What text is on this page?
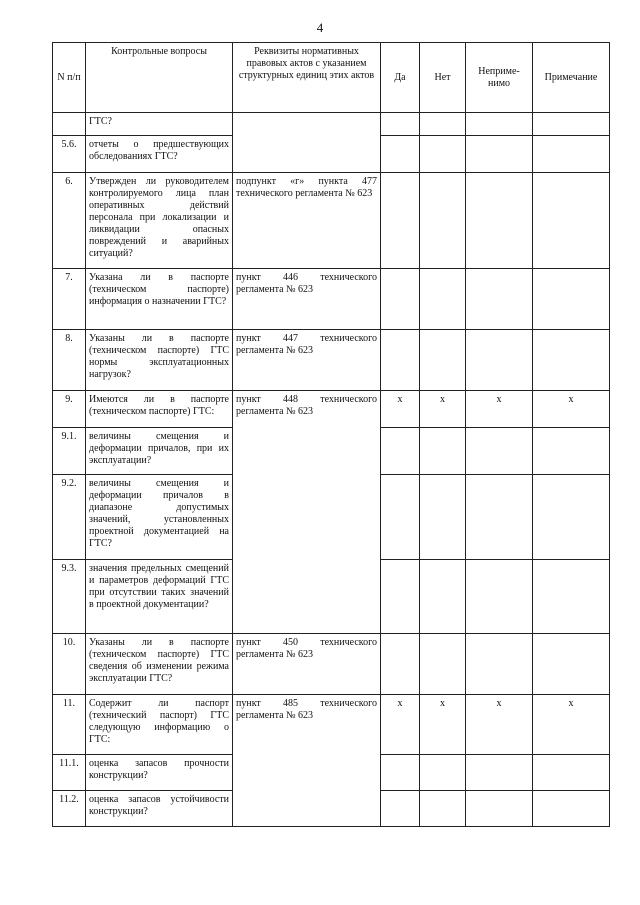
4
N п/п	Контрольные вопросы	Реквизиты нормативных правовых актов с указанием структурных единиц этих актов	Да	Нет	Неприме-нимо	Примечание
	ГТС?					
5.6.	отчеты о предшествующих обследованиях ГТС?					
6.	Утвержден ли руководителем контролируемого лица план оперативных действий персонала при локализации и ликвидации опасных повреждений и аварийных ситуаций?	подпункт «г» пункта 477 технического регламента № 623				
7.	Указана ли в паспорте (техническом паспорте) информация о назначении ГТС?	пункт 446 технического регламента № 623				
8.	Указаны ли в паспорте (техническом паспорте) ГТС нормы эксплуатационных нагрузок?	пункт 447 технического регламента № 623				
9.	Имеются ли в паспорте (техническом паспорте) ГТС:	пункт 448 технического регламента № 623	x	x	x	x
9.1.	величины смещения и деформации причалов, при их эксплуатации?					
9.2.	величины смещения и деформации причалов в диапазоне допустимых значений, установленных проектной документацией на ГТС?					
9.3.	значения предельных смещений и параметров деформаций ГТС при отсутствии таких значений в проектной документации?					
10.	Указаны ли в паспорте (техническом паспорте) ГТС сведения об изменении режима эксплуатации ГТС?	пункт 450 технического регламента № 623				
11.	Содержит ли паспорт (технический паспорт) ГТС следующую информацию о ГТС:	пункт 485 технического регламента № 623	x	x	x	x
11.1.	оценка запасов прочности конструкции?					
11.2.	оценка запасов устойчивости конструкции?					
